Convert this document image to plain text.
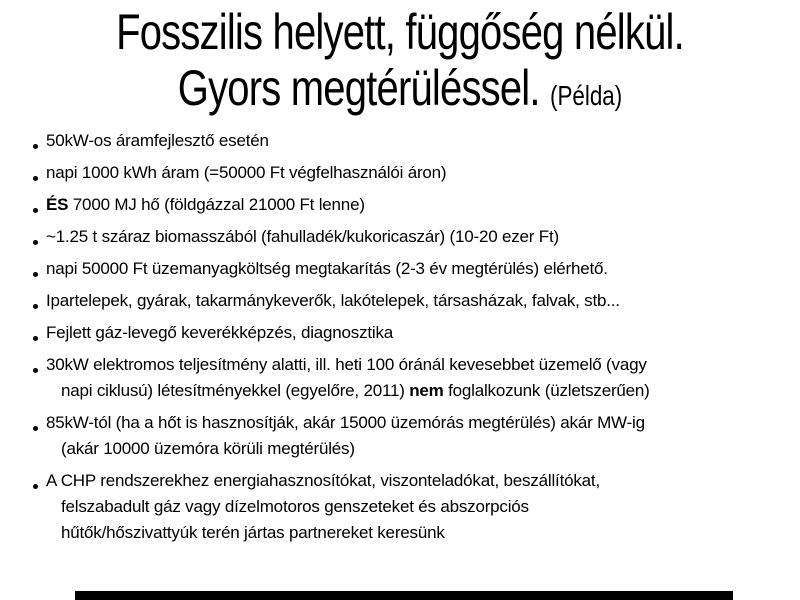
Fosszilis helyett, függőség nélkül.
Gyors megtérüléssel. (Példa)
50kW-os áramfejlesztő esetén
napi 1000 kWh áram (=50000 Ft végfelhasználói áron)
ÉS 7000 MJ hő (földgázzal 21000 Ft lenne)
~1.25 t száraz biomasszából (fahulladék/kukoricaszár) (10-20 ezer Ft)
napi 50000 Ft üzemanyagköltség megtakarítás (2-3 év megtérülés) elérhető.
Ipartelepek, gyárak, takarmánykeverők, lakótelepek, társasházak, falvak, stb...
Fejlett gáz-levegő keverékképzés, diagnosztika
30kW elektromos teljesítmény alatti, ill. heti 100 óránál kevesebbet üzemelő (vagy
napi ciklusú) létesítményekkel (egyelőre, 2011) nem foglalkozunk (üzletszerűen)
85kW-tól (ha a hőt is hasznosítják, akár 15000 üzemórás megtérülés) akár MW-ig
(akár 10000 üzemóra körüli megtérülés)
A CHP rendszerekhez energiahasznosítókat, viszonteladókat, beszállítókat,
felszabadult gáz vagy dízelmotoros genszeteket és abszorpciós
hűtők/hőszivattyúk terén jártas partnereket keresünk
